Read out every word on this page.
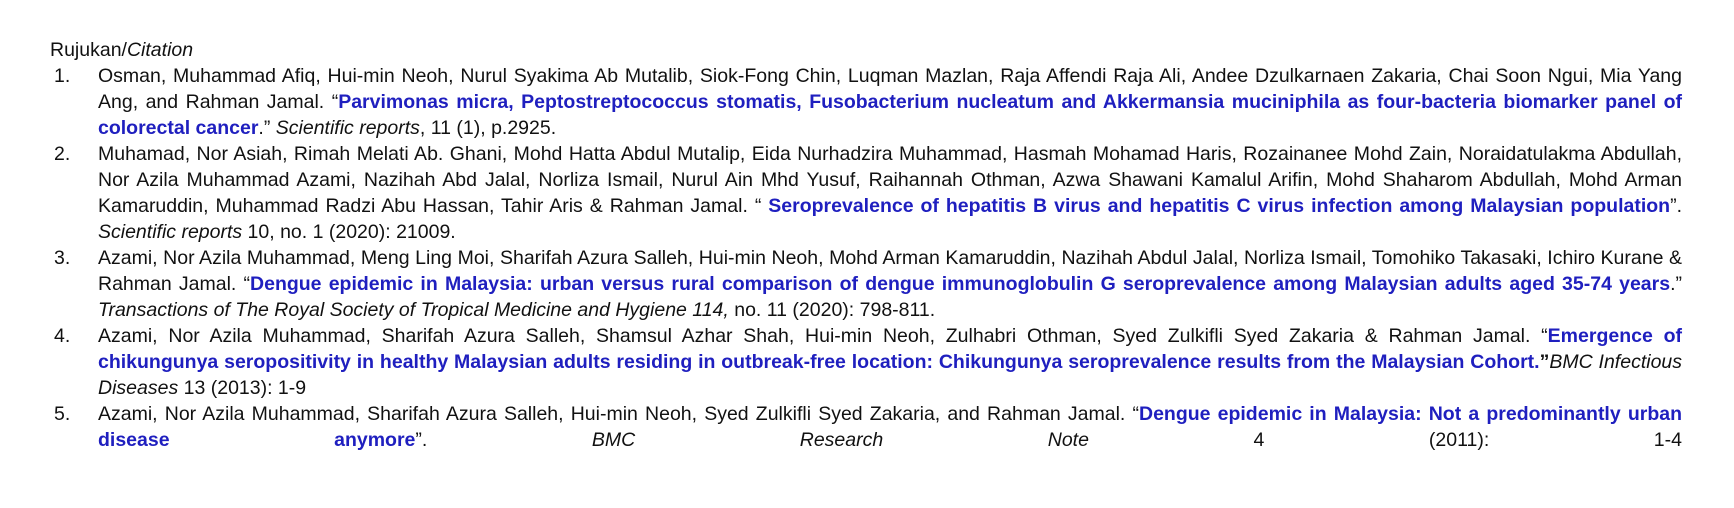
Rujukan/Citation

1. Osman, Muhammad Afiq, Hui-min Neoh, Nurul Syakima Ab Mutalib, Siok-Fong Chin, Luqman Mazlan, Raja Affendi Raja Ali, Andee Dzulkarnaen Zakaria, Chai Soon Ngui, Mia Yang Ang, and Rahman Jamal. “Parvimonas micra, Peptostreptococcus stomatis, Fusobacterium nucleatum and Akkermansia muciniphila as four-bacteria biomarker panel of colorectal cancer.” Scientific reports, 11 (1), p.2925.
2. Muhamad, Nor Asiah, Rimah Melati Ab. Ghani, Mohd Hatta Abdul Mutalip, Eida Nurhadzira Muhammad, Hasmah Mohamad Haris, Rozainanee Mohd Zain, Noraidatulakma Abdullah, Nor Azila Muhammad Azami, Nazihah Abd Jalal, Norliza Ismail, Nurul Ain Mhd Yusuf, Raihannah Othman, Azwa Shawani Kamalul Arifin, Mohd Shaharom Abdullah, Mohd Arman Kamaruddin, Muhammad Radzi Abu Hassan, Tahir Aris & Rahman Jamal. “ Seroprevalence of hepatitis B virus and hepatitis C virus infection among Malaysian population”. Scientific reports 10, no. 1 (2020): 21009.
3. Azami, Nor Azila Muhammad, Meng Ling Moi, Sharifah Azura Salleh, Hui-min Neoh, Mohd Arman Kamaruddin, Nazihah Abdul Jalal, Norliza Ismail, Tomohiko Takasaki, Ichiro Kurane & Rahman Jamal. “Dengue epidemic in Malaysia: urban versus rural comparison of dengue immunoglobulin G seroprevalence among Malaysian adults aged 35-74 years.” Transactions of The Royal Society of Tropical Medicine and Hygiene 114, no. 11 (2020): 798-811.
4. Azami, Nor Azila Muhammad, Sharifah Azura Salleh, Shamsul Azhar Shah, Hui-min Neoh, Zulhabri Othman, Syed Zulkifli Syed Zakaria & Rahman Jamal. “Emergence of chikungunya seropositivity in healthy Malaysian adults residing in outbreak-free location: Chikungunya seroprevalence results from the Malaysian Cohort.”BMC Infectious Diseases 13 (2013): 1-9
5. Azami, Nor Azila Muhammad, Sharifah Azura Salleh, Hui-min Neoh, Syed Zulkifli Syed Zakaria, and Rahman Jamal. “Dengue epidemic in Malaysia: Not a predominantly urban disease anymore”. BMC Research Note 4 (2011): 1-4
